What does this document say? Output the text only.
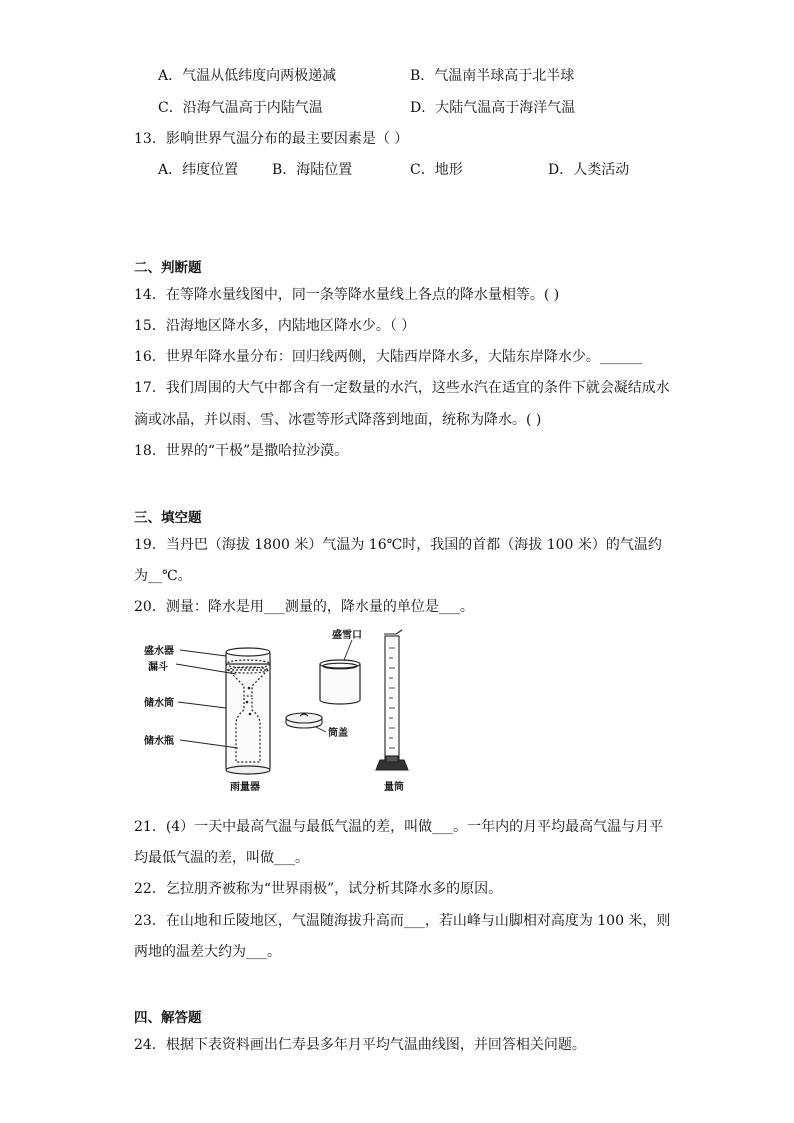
A．气温从低纬度向两极递减	B．气温南半球高于北半球
C．沿海气温高于内陆气温	D．大陆气温高于海洋气温
13．影响世界气温分布的最主要因素是（ ）
A．纬度位置 B．海陆位置	C．地形	D．人类活动
二、判断题
14．在等降水量线图中，同一条等降水量线上各点的降水量相等。( )
15．沿海地区降水多，内陆地区降水少。（ ）
16．世界年降水量分布：回归线两侧，大陆西岸降水多，大陆东岸降水少。______
17．我们周围的大气中都含有一定数量的水汽，这些水汽在适宜的条件下就会凝结成水
滴或冰晶，并以雨、雪、冰雹等形式降落到地面，统称为降水。( )
18．世界的“干极”是撒哈拉沙漠。
三、填空题
19．当丹巴（海拔 1800 米）气温为 16℃时，我国的首都（海拔 100 米）的气温约
为__℃。
20．测量：降水是用___测量的，降水量的单位是___。
盛水器
漏斗
储水筒
储水瓶
雨量器
盛雪口
筒盖
量筒
21．(4）一天中最高气温与最低气温的差，叫做___。一年内的月平均最高气温与月平
均最低气温的差，叫做___。
22．乞拉朋齐被称为“世界雨极”，试分析其降水多的原因。
23．在山地和丘陵地区，气温随海拔升高而___，若山峰与山脚相对高度为 100 米，则
两地的温差大约为___。
四、解答题
24．根据下表资料画出仁寿县多年月平均气温曲线图，并回答相关问题。
